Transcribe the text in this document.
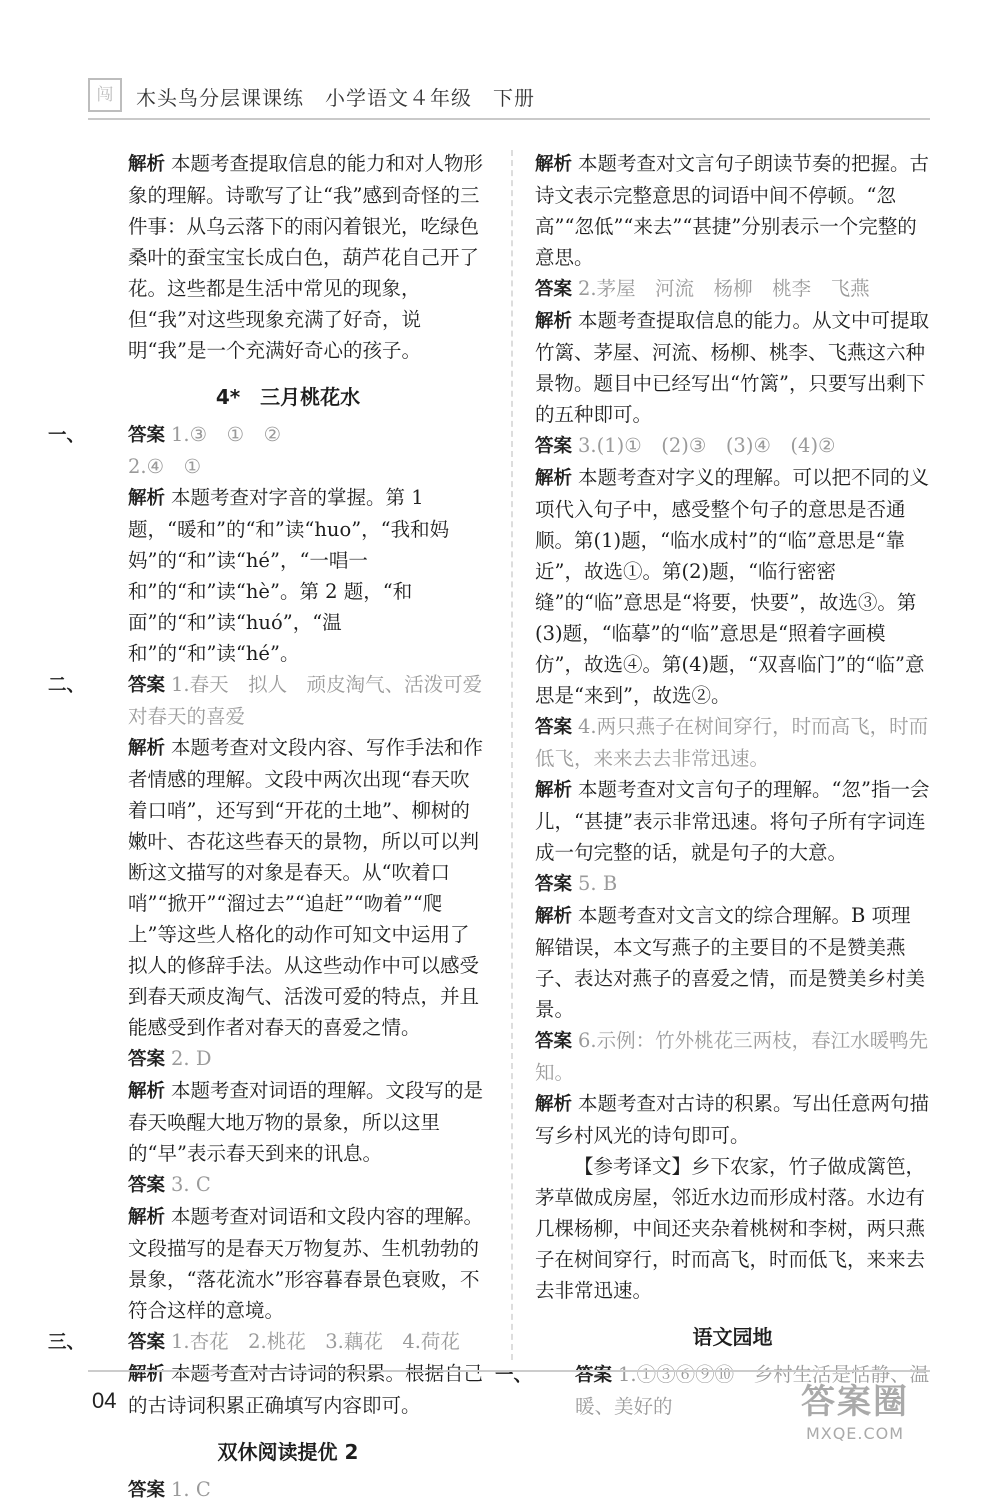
闯	木头鸟分层课课练　小学语文４年级　下册

解析 本题考查提取信息的能力和对人物形象的理解。诗歌写了让“我”感到奇怪的三件事：从乌云落下的雨闪着银光，吃绿色桑叶的蚕宝宝长成白色，葫芦花自己开了花。这些都是生活中常见的现象，但“我”对这些现象充满了好奇，说明“我”是一个充满好奇心的孩子。

4*　三月桃花水

一、 答案 1.③　①　②

2.④　①

解析 本题考查对字音的掌握。第 1 题，“暖和”的“和”读“huo”，“我和妈妈”的“和”读“hé”，“一唱一和”的“和”读“hè”。第 2 题，“和面”的“和”读“huó”，“温和”的“和”读“hé”。

二、 答案 1.春天　拟人　顽皮淘气、活泼可爱　对春天的喜爱

解析 本题考查对文段内容、写作手法和作者情感的理解。文段中两次出现“春天吹着口哨”，还写到“开花的土地”、柳树的嫩叶、杏花这些春天的景物，所以可以判断这文描写的对象是春天。从“吹着口哨”“掀开”“溜过去”“追赶”“吻着”“爬上”等这些人格化的动作可知文中运用了拟人的修辞手法。从这些动作中可以感受到春天顽皮淘气、活泼可爱的特点，并且能感受到作者对春天的喜爱之情。

答案 2. D

解析 本题考查对词语的理解。文段写的是春天唤醒大地万物的景象，所以这里的“早”表示春天到来的讯息。

答案 3. C

解析 本题考查对词语和文段内容的理解。文段描写的是春天万物复苏、生机勃勃的景象，“落花流水”形容暮春景色衰败，不符合这样的意境。

三、 答案 1.杏花　2.桃花　3.藕花　4.荷花

解析 本题考查对古诗词的积累。根据自己的古诗词积累正确填写内容即可。

双休阅读提优 2

答案 1. C

解析 本题考查对文言句子朗读节奏的把握。古诗文表示完整意思的词语中间不停顿。“忽高”“忽低”“来去”“甚捷”分别表示一个完整的意思。

答案 2.茅屋　河流　杨柳　桃李　飞燕

解析 本题考查提取信息的能力。从文中可提取竹篱、茅屋、河流、杨柳、桃李、飞燕这六种景物。题目中已经写出“竹篱”，只要写出剩下的五种即可。

答案 3.(1)①　(2)③　(3)④　(4)②

解析 本题考查对字义的理解。可以把不同的义项代入句子中，感受整个句子的意思是否通顺。第(1)题，“临水成村”的“临”意思是“靠近”，故选①。第(2)题，“临行密密缝”的“临”意思是“将要，快要”，故选③。第(3)题，“临摹”的“临”意思是“照着字画模仿”，故选④。第(4)题，“双喜临门”的“临”意思是“来到”，故选②。

答案 4.两只燕子在树间穿行，时而高飞，时而低飞，来来去去非常迅速。

解析 本题考查对文言句子的理解。“忽”指一会儿，“甚捷”表示非常迅速。将句子所有字词连成一句完整的话，就是句子的大意。

答案 5. B

解析 本题考查对文言文的综合理解。B 项理解错误，本文写燕子的主要目的不是赞美燕子、表达对燕子的喜爱之情，而是赞美乡村美景。

答案 6.示例：竹外桃花三两枝，春江水暖鸭先知。

解析 本题考查对古诗的积累。写出任意两句描写乡村风光的诗句即可。

【参考译文】乡下农家，竹子做成篱笆，茅草做成房屋，邻近水边而形成村落。水边有几棵杨柳，中间还夹杂着桃树和李树，两只燕子在树间穿行，时而高飞，时而低飞，来来去去非常迅速。

语文园地

一、 答案 1.①③⑥⑨⑩　乡村生活是恬静、温暖、美好的

04	答案圈
MXQE.COM
